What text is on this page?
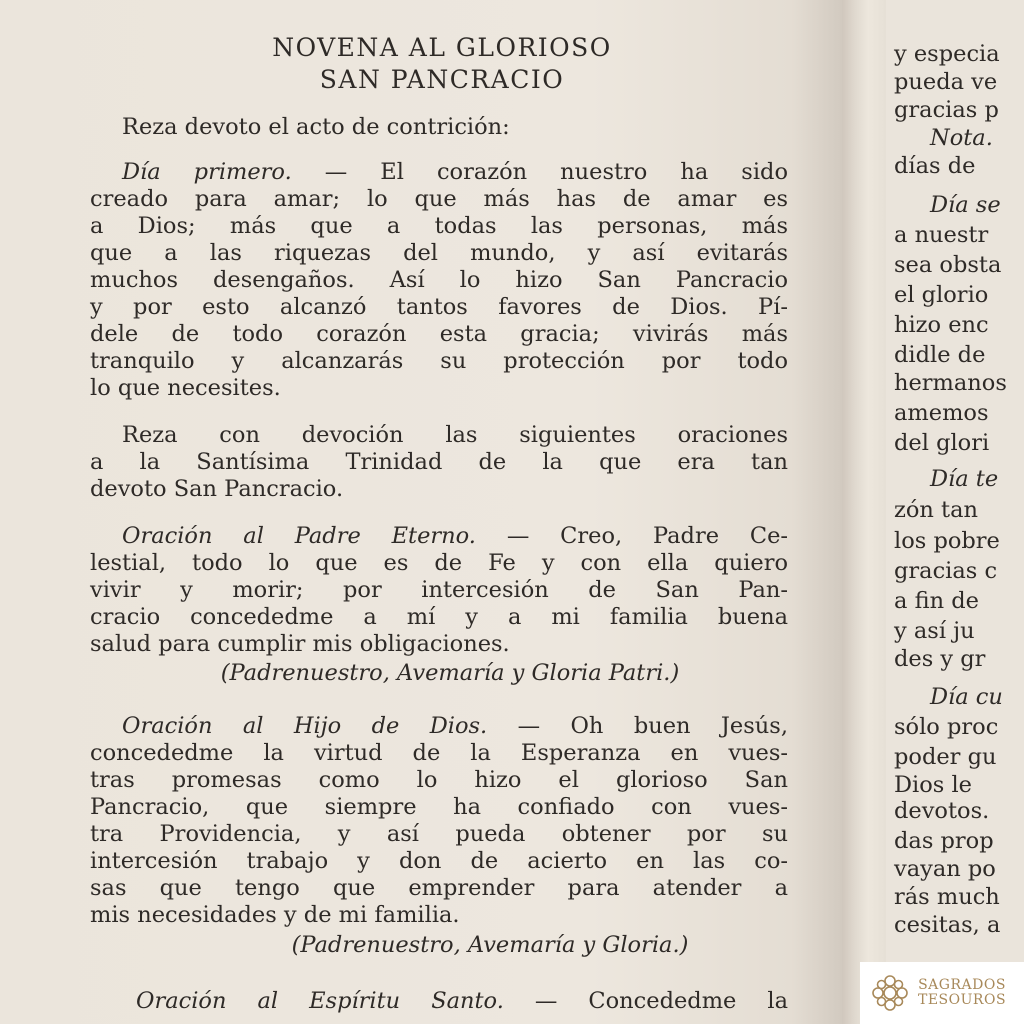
NOVENA AL GLORIOSO

SAN PANCRACIO

Reza devoto el acto de contrición:

Día primero. — El corazón nuestro ha sido

creado para amar; lo que más has de amar es

a Dios; más que a todas las personas, más

que a las riquezas del mundo, y así evitarás

muchos desengaños. Así lo hizo San Pancracio

y por esto alcanzó tantos favores de Dios. Pí-

dele de todo corazón esta gracia; vivirás más

tranquilo y alcanzarás su protección por todo

lo que necesites.

Reza con devoción las siguientes oraciones

a la Santísima Trinidad de la que era tan

devoto San Pancracio.

Oración al Padre Eterno. — Creo, Padre Ce-

lestial, todo lo que es de Fe y con ella quiero

vivir y morir; por intercesión de San Pan-

cracio concededme a mí y a mi familia buena

salud para cumplir mis obligaciones.

(Padrenuestro, Avemaría y Gloria Patri.)

Oración al Hijo de Dios. — Oh buen Jesús,

concededme la virtud de la Esperanza en vues-

tras promesas como lo hizo el glorioso San

Pancracio, que siempre ha confiado con vues-

tra Providencia, y así pueda obtener por su

intercesión trabajo y don de acierto en las co-

sas que tengo que emprender para atender a

mis necesidades y de mi familia.

(Padrenuestro, Avemaría y Gloria.)

Oración al Espíritu Santo. — Concededme la

y especia

pueda ve

gracias p

Nota.

días de

Día se

a nuestr

sea obsta

el glorio

hizo enc

didle de

hermanos

amemos

del glori

Día te

zón tan

los pobre

gracias c

a fin de

y así ju

des y gr

Día cu

sólo proc

poder gu

Dios le

devotos.

das prop

vayan po

rás much

cesitas, a

SAGRADOS
TESOUROS
